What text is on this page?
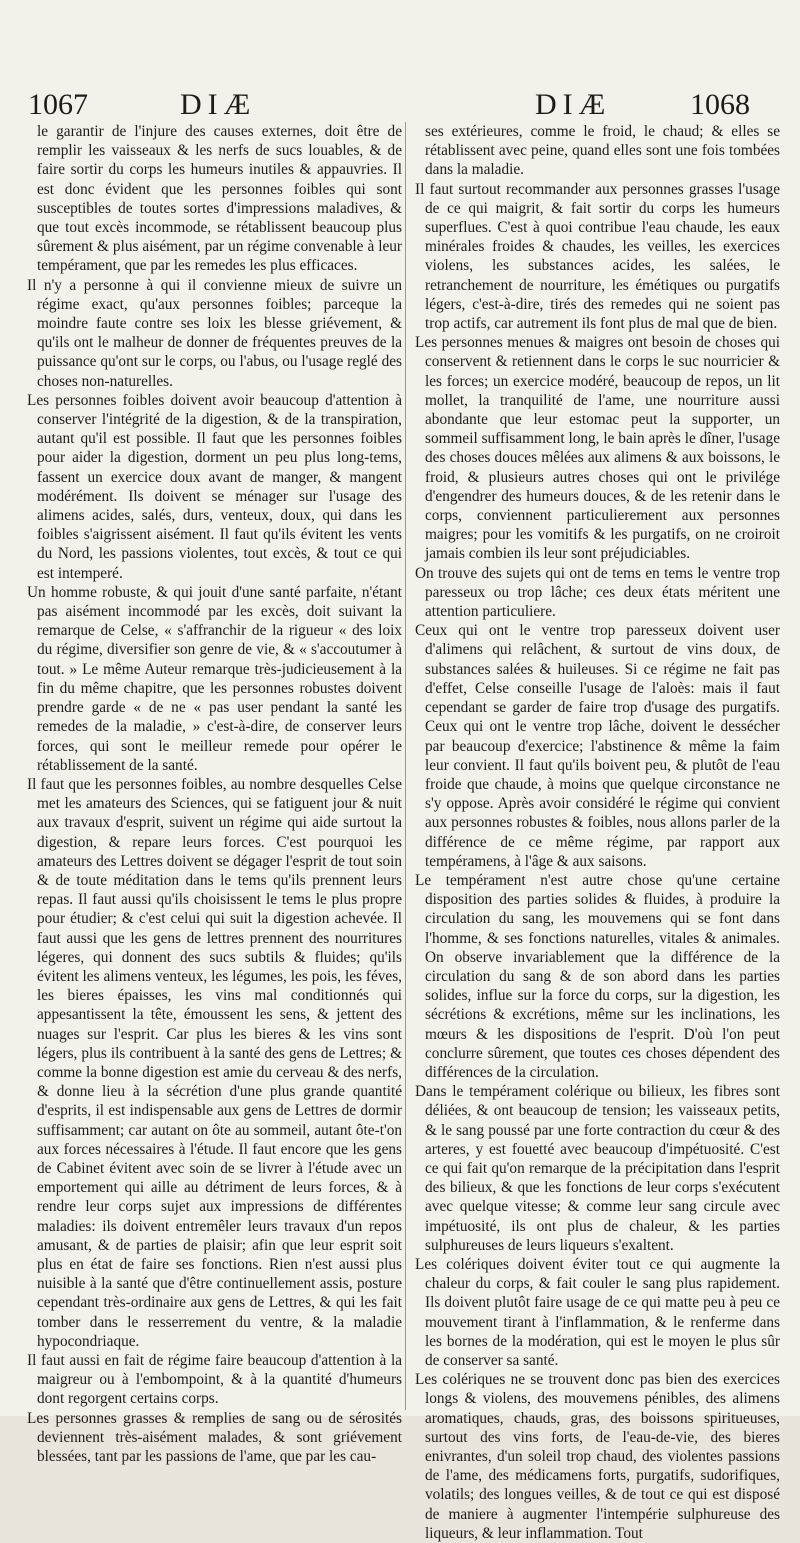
1067	DIÆ	DIÆ	1068

le garantir de l'injure des causes externes, doit être de remplir les vaisseaux & les nerfs de sucs louables, & de faire sortir du corps les humeurs inutiles & appauvries. Il est donc évident que les personnes foibles qui sont susceptibles de toutes sortes d'impressions maladives, & que tout excès incommode, se rétablissent beaucoup plus sûrement & plus aisément, par un régime convenable à leur tempérament, que par les remedes les plus efficaces.

Il n'y a personne à qui il convienne mieux de suivre un régime exact, qu'aux personnes foibles; parceque la moindre faute contre ses loix les blesse griévement, & qu'ils ont le malheur de donner de fréquentes preuves de la puissance qu'ont sur le corps, ou l'abus, ou l'usage reglé des choses non-naturelles.

Les personnes foibles doivent avoir beaucoup d'attention à conserver l'intégrité de la digestion, & de la transpiration, autant qu'il est possible. Il faut que les personnes foibles pour aider la digestion, dorment un peu plus long-tems, fassent un exercice doux avant de manger, & mangent modérément. Ils doivent se ménager sur l'usage des alimens acides, salés, durs, venteux, doux, qui dans les foibles s'aigrissent aisément. Il faut qu'ils évitent les vents du Nord, les passions violentes, tout excès, & tout ce qui est intemperé.

Un homme robuste, & qui jouit d'une santé parfaite, n'étant pas aisément incommodé par les excès, doit suivant la remarque de Celse, « s'affranchir de la rigueur « des loix du régime, diversifier son genre de vie, & « s'accoutumer à tout. » Le même Auteur remarque très-judicieusement à la fin du même chapitre, que les personnes robustes doivent prendre garde « de ne « pas user pendant la santé les remedes de la maladie, » c'est-à-dire, de conserver leurs forces, qui sont le meilleur remede pour opérer le rétablissement de la santé.

Il faut que les personnes foibles, au nombre desquelles Celse met les amateurs des Sciences, qui se fatiguent jour & nuit aux travaux d'esprit, suivent un régime qui aide surtout la digestion, & repare leurs forces. C'est pourquoi les amateurs des Lettres doivent se dégager l'esprit de tout soin & de toute méditation dans le tems qu'ils prennent leurs repas. Il faut aussi qu'ils choisissent le tems le plus propre pour étudier; & c'est celui qui suit la digestion achevée. Il faut aussi que les gens de lettres prennent des nourritures légeres, qui donnent des sucs subtils & fluides; qu'ils évitent les alimens venteux, les légumes, les pois, les féves, les bieres épaisses, les vins mal conditionnés qui appesantissent la tête, émoussent les sens, & jettent des nuages sur l'esprit. Car plus les bieres & les vins sont légers, plus ils contribuent à la santé des gens de Lettres; & comme la bonne digestion est amie du cerveau & des nerfs, & donne lieu à la sécrétion d'une plus grande quantité d'esprits, il est indispensable aux gens de Lettres de dormir suffisamment; car autant on ôte au sommeil, autant ôte-t'on aux forces nécessaires à l'étude. Il faut encore que les gens de Cabinet évitent avec soin de se livrer à l'étude avec un emportement qui aille au détriment de leurs forces, & à rendre leur corps sujet aux impressions de différentes maladies: ils doivent entremêler leurs travaux d'un repos amusant, & de parties de plaisir; afin que leur esprit soit plus en état de faire ses fonctions. Rien n'est aussi plus nuisible à la santé que d'être continuellement assis, posture cependant très-ordinaire aux gens de Lettres, & qui les fait tomber dans le resserrement du ventre, & la maladie hypocondriaque.

Il faut aussi en fait de régime faire beaucoup d'attention à la maigreur ou à l'embompoint, & à la quantité d'humeurs dont regorgent certains corps.

Les personnes grasses & remplies de sang ou de sérosités deviennent très-aisément malades, & sont griévement blessées, tant par les passions de l'ame, que par les cau-

ses extérieures, comme le froid, le chaud; & elles se rétablissent avec peine, quand elles sont une fois tombées dans la maladie.

Il faut surtout recommander aux personnes grasses l'usage de ce qui maigrit, & fait sortir du corps les humeurs superflues. C'est à quoi contribue l'eau chaude, les eaux minérales froides & chaudes, les veilles, les exercices violens, les substances acides, les salées, le retranchement de nourriture, les émétiques ou purgatifs légers, c'est-à-dire, tirés des remedes qui ne soient pas trop actifs, car autrement ils font plus de mal que de bien.

Les personnes menues & maigres ont besoin de choses qui conservent & retiennent dans le corps le suc nourricier & les forces; un exercice modéré, beaucoup de repos, un lit mollet, la tranquilité de l'ame, une nourriture aussi abondante que leur estomac peut la supporter, un sommeil suffisamment long, le bain après le dîner, l'usage des choses douces mêlées aux alimens & aux boissons, le froid, & plusieurs autres choses qui ont le privilége d'engendrer des humeurs douces, & de les retenir dans le corps, conviennent particulierement aux personnes maigres; pour les vomitifs & les purgatifs, on ne croiroit jamais combien ils leur sont préjudiciables.

On trouve des sujets qui ont de tems en tems le ventre trop paresseux ou trop lâche; ces deux états méritent une attention particuliere.

Ceux qui ont le ventre trop paresseux doivent user d'alimens qui relâchent, & surtout de vins doux, de substances salées & huileuses. Si ce régime ne fait pas d'effet, Celse conseille l'usage de l'aloès: mais il faut cependant se garder de faire trop d'usage des purgatifs. Ceux qui ont le ventre trop lâche, doivent le dessécher par beaucoup d'exercice; l'abstinence & même la faim leur convient. Il faut qu'ils boivent peu, & plutôt de l'eau froide que chaude, à moins que quelque circonstance ne s'y oppose. Après avoir considéré le régime qui convient aux personnes robustes & foibles, nous allons parler de la différence de ce même régime, par rapport aux tempéramens, à l'âge & aux saisons.

Le tempérament n'est autre chose qu'une certaine disposition des parties solides & fluides, à produire la circulation du sang, les mouvemens qui se font dans l'homme, & ses fonctions naturelles, vitales & animales. On observe invariablement que la différence de la circulation du sang & de son abord dans les parties solides, influe sur la force du corps, sur la digestion, les sécrétions & excrétions, même sur les inclinations, les mœurs & les dispositions de l'esprit. D'où l'on peut conclurre sûrement, que toutes ces choses dépendent des différences de la circulation.

Dans le tempérament colérique ou bilieux, les fibres sont déliées, & ont beaucoup de tension; les vaisseaux petits, & le sang poussé par une forte contraction du cœur & des arteres, y est fouetté avec beaucoup d'impétuosité. C'est ce qui fait qu'on remarque de la précipitation dans l'esprit des bilieux, & que les fonctions de leur corps s'exécutent avec quelque vitesse; & comme leur sang circule avec impétuosité, ils ont plus de chaleur, & les parties sulphureuses de leurs liqueurs s'exaltent.

Les colériques doivent éviter tout ce qui augmente la chaleur du corps, & fait couler le sang plus rapidement. Ils doivent plutôt faire usage de ce qui matte peu à peu ce mouvement tirant à l'inflammation, & le renferme dans les bornes de la modération, qui est le moyen le plus sûr de conserver sa santé.

Les colériques ne se trouvent donc pas bien des exercices longs & violens, des mouvemens pénibles, des alimens aromatiques, chauds, gras, des boissons spiritueuses, surtout des vins forts, de l'eau-de-vie, des bieres enivrantes, d'un soleil trop chaud, des violentes passions de l'ame, des médicamens forts, purgatifs, sudorifiques, volatils; des longues veilles, & de tout ce qui est disposé de maniere à augmenter l'intempérie sulphureuse des liqueurs, & leur inflammation. Tout
